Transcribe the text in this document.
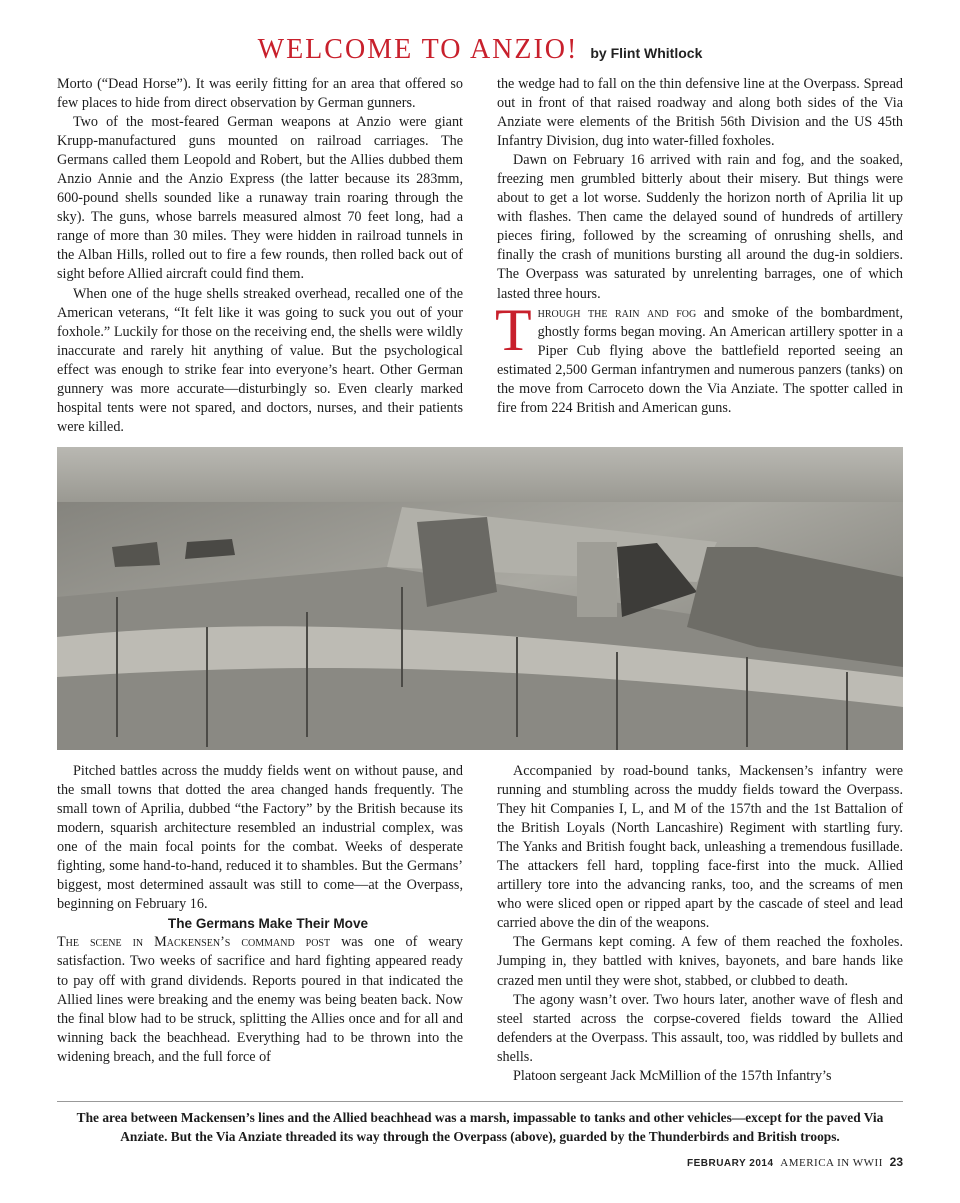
WELCOME TO ANZIO! by Flint Whitlock

Morto (“Dead Horse”). It was eerily fitting for an area that offered so few places to hide from direct observation by German gunners.

Two of the most-feared German weapons at Anzio were giant Krupp-manufactured guns mounted on railroad carriages. The Germans called them Leopold and Robert, but the Allies dubbed them Anzio Annie and the Anzio Express (the latter because its 283mm, 600-pound shells sounded like a runaway train roaring through the sky). The guns, whose barrels measured almost 70 feet long, had a range of more than 30 miles. They were hidden in railroad tunnels in the Alban Hills, rolled out to fire a few rounds, then rolled back out of sight before Allied aircraft could find them.

When one of the huge shells streaked overhead, recalled one of the American veterans, “It felt like it was going to suck you out of your foxhole.” Luckily for those on the receiving end, the shells were wildly inaccurate and rarely hit anything of value. But the psychological effect was enough to strike fear into everyone’s heart. Other German gunnery was more accurate—disturbingly so. Even clearly marked hospital tents were not spared, and doctors, nurses, and their patients were killed.

the wedge had to fall on the thin defensive line at the Overpass. Spread out in front of that raised roadway and along both sides of the Via Anziate were elements of the British 56th Division and the US 45th Infantry Division, dug into water-filled foxholes.

Dawn on February 16 arrived with rain and fog, and the soaked, freezing men grumbled bitterly about their misery. But things were about to get a lot worse. Suddenly the horizon north of Aprilia lit up with flashes. Then came the delayed sound of hundreds of artillery pieces firing, followed by the screaming of onrushing shells, and finally the crash of munitions bursting all around the dug-in soldiers. The Overpass was saturated by unrelenting barrages, one of which lasted three hours.

Through the rain and fog and smoke of the bombardment, ghostly forms began moving. An American artillery spotter in a Piper Cub flying above the battlefield reported seeing an estimated 2,500 German infantrymen and numerous panzers (tanks) on the move from Carroceto down the Via Anziate. The spotter called in fire from 224 British and American guns.

Pitched battles across the muddy fields went on without pause, and the small towns that dotted the area changed hands frequently. The small town of Aprilia, dubbed “the Factory” by the British because its modern, squarish architecture resembled an industrial complex, was one of the main focal points for the combat. Weeks of desperate fighting, some hand-to-hand, reduced it to shambles. But the Germans’ biggest, most determined assault was still to come—at the Overpass, beginning on February 16.

The Germans Make Their Move

The scene in Mackensen’s command post was one of weary satisfaction. Two weeks of sacrifice and hard fighting appeared ready to pay off with grand dividends. Reports poured in that indicated the Allied lines were breaking and the enemy was being beaten back. Now the final blow had to be struck, splitting the Allies once and for all and winning back the beachhead. Everything had to be thrown into the widening breach, and the full force of

Accompanied by road-bound tanks, Mackensen’s infantry were running and stumbling across the muddy fields toward the Overpass. They hit Companies I, L, and M of the 157th and the 1st Battalion of the British Loyals (North Lancashire) Regiment with startling fury. The Yanks and British fought back, unleashing a tremendous fusillade. The attackers fell hard, toppling face-first into the muck. Allied artillery tore into the advancing ranks, too, and the screams of men who were sliced open or ripped apart by the cascade of steel and lead carried above the din of the weapons.

The Germans kept coming. A few of them reached the foxholes. Jumping in, they battled with knives, bayonets, and bare hands like crazed men until they were shot, stabbed, or clubbed to death.

The agony wasn’t over. Two hours later, another wave of flesh and steel started across the corpse-covered fields toward the Allied defenders at the Overpass. This assault, too, was riddled by bullets and shells.

Platoon sergeant Jack McMillion of the 157th Infantry’s

The area between Mackensen’s lines and the Allied beachhead was a marsh, impassable to tanks and other vehicles—except for the paved Via Anziate. But the Via Anziate threaded its way through the Overpass (above), guarded by the Thunderbirds and British troops.
FEBRUARY 2014 AMERICA IN WWII 23
